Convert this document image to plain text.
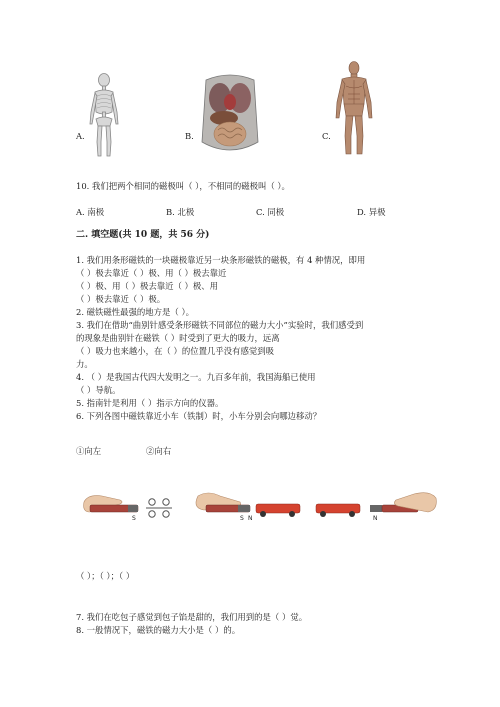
A.	B.	C.
10. 我们把两个相同的磁极叫（ ），不相同的磁极叫（ ）。
A. 南极	B. 北极	C. 同极	D. 异极
二. 填空题(共 10 题，共 56 分)
1. 我们用条形磁铁的一块磁极靠近另一块条形磁铁的磁极，有 4 种情况，即用
（ ）极去靠近（ ）极、用（ ）极去靠近
（ ）极、用（ ）极去靠近（ ）极、用
（ ）极去靠近（ ）极。
2. 磁铁磁性最强的地方是（ ）。
3. 我们在借助“曲别针感受条形磁铁不同部位的磁力大小”实验时，我们感受到
的现象是曲别针在磁铁（ ）时受到了更大的吸力，远离
（ ）吸力也来越小，在（ ）的位置几乎没有感觉到吸
力。
4. （ ）是我国古代四大发明之一。九百多年前，我国海船已使用
（ ）导航。
5. 指南针是利用（ ）指示方向的仪器。
6. 下列各图中磁铁靠近小车（铁制）时，小车分别会向哪边移动？
①向左	②向右
S	S N	N
（ ）；（ ）；（ ）
7. 我们在吃包子感觉到包子馅是甜的，我们用到的是（ ）觉。
8. 一般情况下，磁铁的磁力大小是（ ）的。
